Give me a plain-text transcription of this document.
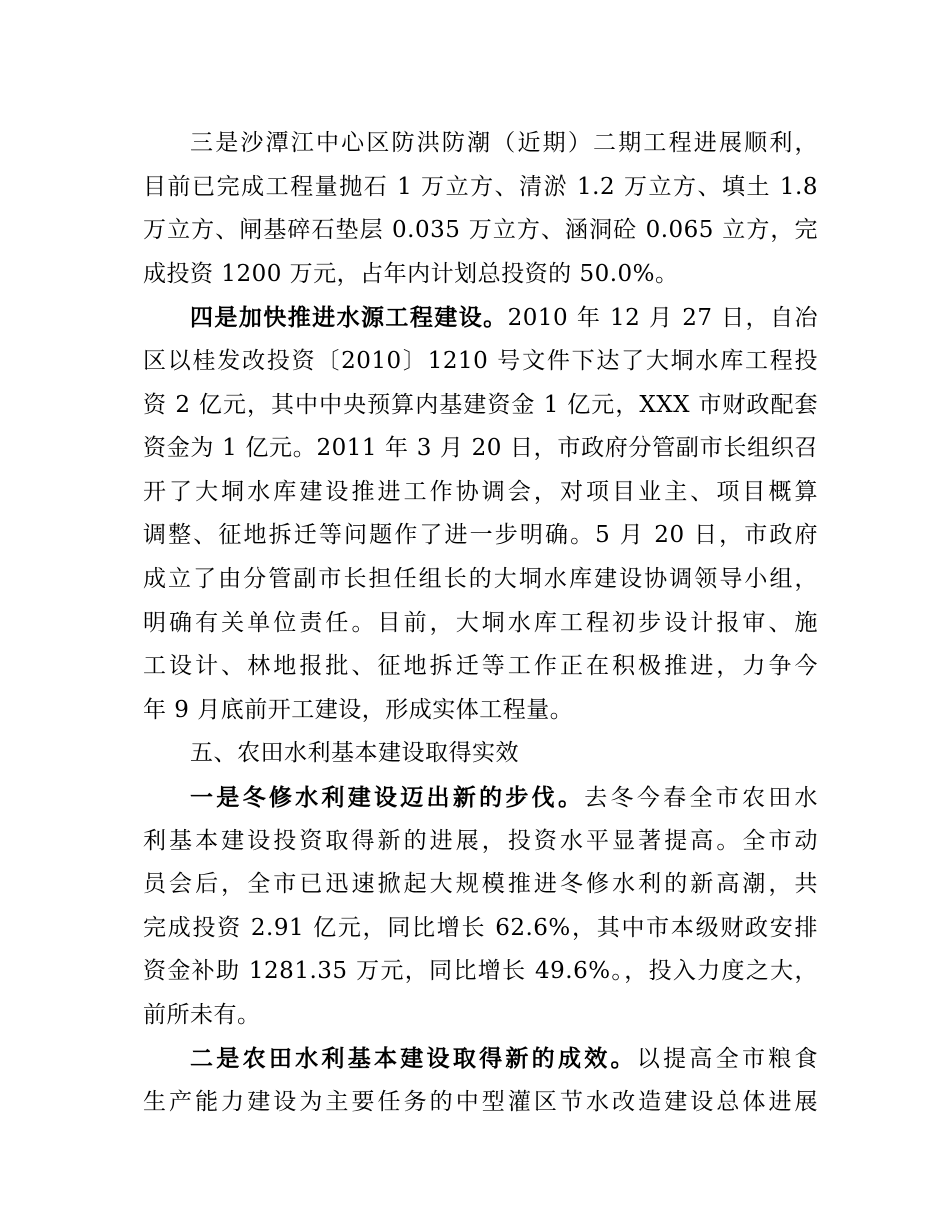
三是沙潭江中心区防洪防潮（近期）二期工程进展顺利，
目前已完成工程量抛石 1 万立方、清淤 1.2 万立方、填土 1.8
万立方、闸基碎石垫层 0.035 万立方、涵洞砼 0.065 立方，完
成投资 1200 万元，占年内计划总投资的 50.0%。
四是加快推进水源工程建设。2010 年 12 月 27 日，自冶
区以桂发改投资〔2010〕1210 号文件下达了大垌水库工程投
资 2 亿元，其中中央预算内基建资金 1 亿元，XXX 市财政配套
资金为 1 亿元。2011 年 3 月 20 日，市政府分管副市长组织召
开了大垌水库建设推进工作协调会，对项目业主、项目概算
调整、征地拆迁等问题作了进一步明确。5 月 20 日，市政府
成立了由分管副市长担任组长的大垌水库建设协调领导小组，
明确有关单位责任。目前，大垌水库工程初步设计报审、施
工设计、林地报批、征地拆迁等工作正在积极推进，力争今
年 9 月底前开工建设，形成实体工程量。
五、农田水利基本建设取得实效
一是冬修水利建设迈出新的步伐。去冬今春全市农田水
利基本建设投资取得新的进展，投资水平显著提高。全市动
员会后，全市已迅速掀起大规模推进冬修水利的新高潮，共
完成投资 2.91 亿元，同比增长 62.6%，其中市本级财政安排
资金补助 1281.35 万元，同比增长 49.6%。，投入力度之大，
前所未有。
二是农田水利基本建设取得新的成效。以提高全市粮食
生产能力建设为主要任务的中型灌区节水改造建设总体进展
